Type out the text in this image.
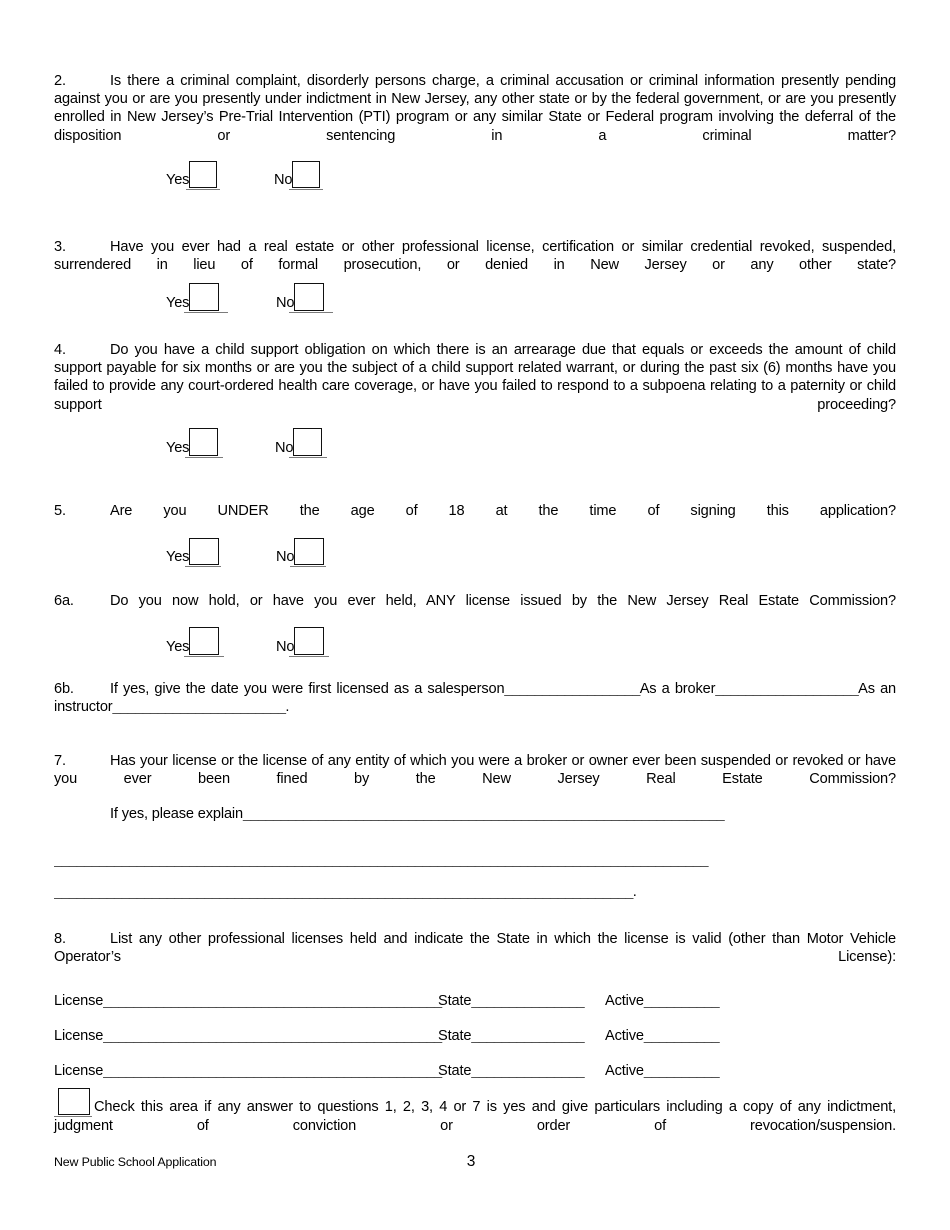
2.	Is there a criminal complaint, disorderly persons charge, a criminal accusation or criminal information presently pending against you or are you presently under indictment in New Jersey, any other state or by the federal government, or are you presently enrolled in New Jersey’s Pre-Trial Intervention (PTI) program or any similar State or Federal program involving the deferral of the disposition or sentencing in a criminal matter?
Yes	No
3.	Have you ever had a real estate or other professional license, certification or similar credential revoked, suspended, surrendered in lieu of formal prosecution, or denied in New Jersey or any other state?
Yes	No
4.	Do you have a child support obligation on which there is an arrearage due that equals or exceeds the amount of child support payable for six months or are you the subject of a child support related warrant, or during the past six (6) months have you failed to provide any court-ordered health care coverage, or have you failed to respond to a subpoena relating to a paternity or child support proceeding?
Yes	No
5.	Are you UNDER the age of 18 at the time of signing this application?
Yes	No
6a. Do you now hold, or have you ever held, ANY license issued by the New Jersey Real Estate Commission?
Yes	No
6b. If yes, give the date you were first licensed as a salesperson__________________As a broker___________________As an instructor_______________________.
7.	Has your license or the license of any entity of which you were a broker or owner ever been suspended or revoked or have you ever been fined by the New Jersey Real Estate Commission?
If yes, please explain________________________________________________________________
_______________________________________________________________________________________
_____________________________________________________________________________.
8.	List any other professional licenses held and indicate the State in which the license is valid (other than Motor Vehicle Operator’s License):
License_____________________________________________
State_______________ Active__________
License_____________________________________________
State_______________ Active__________
License_____________________________________________
State_______________ Active__________
Check this area if any answer to questions 1, 2, 3, 4 or 7 is yes and give particulars including a copy of any indictment, judgment of conviction or order of revocation/suspension.
New Public School Application	3
